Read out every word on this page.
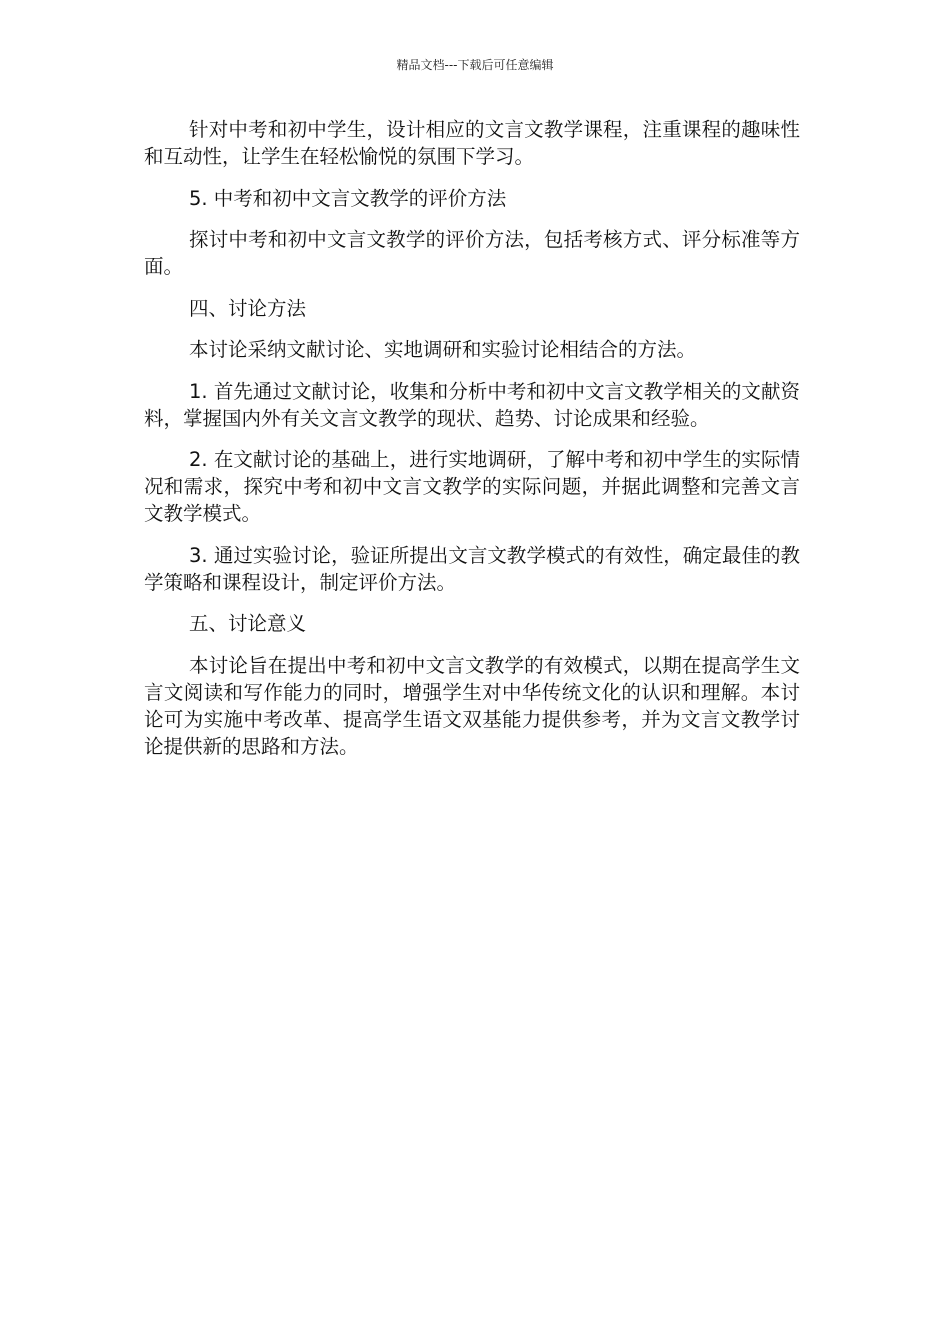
精品文档---下载后可任意编辑

针对中考和初中学生，设计相应的文言文教学课程，注重课程的趣味性和互动性，让学生在轻松愉悦的氛围下学习。

5. 中考和初中文言文教学的评价方法

探讨中考和初中文言文教学的评价方法，包括考核方式、评分标准等方面。

四、讨论方法

本讨论采纳文献讨论、实地调研和实验讨论相结合的方法。

1. 首先通过文献讨论，收集和分析中考和初中文言文教学相关的文献资料，掌握国内外有关文言文教学的现状、趋势、讨论成果和经验。

2. 在文献讨论的基础上，进行实地调研，了解中考和初中学生的实际情况和需求，探究中考和初中文言文教学的实际问题，并据此调整和完善文言文教学模式。

3. 通过实验讨论，验证所提出文言文教学模式的有效性，确定最佳的教学策略和课程设计，制定评价方法。

五、讨论意义

本讨论旨在提出中考和初中文言文教学的有效模式，以期在提高学生文言文阅读和写作能力的同时，增强学生对中华传统文化的认识和理解。本讨论可为实施中考改革、提高学生语文双基能力提供参考，并为文言文教学讨论提供新的思路和方法。
